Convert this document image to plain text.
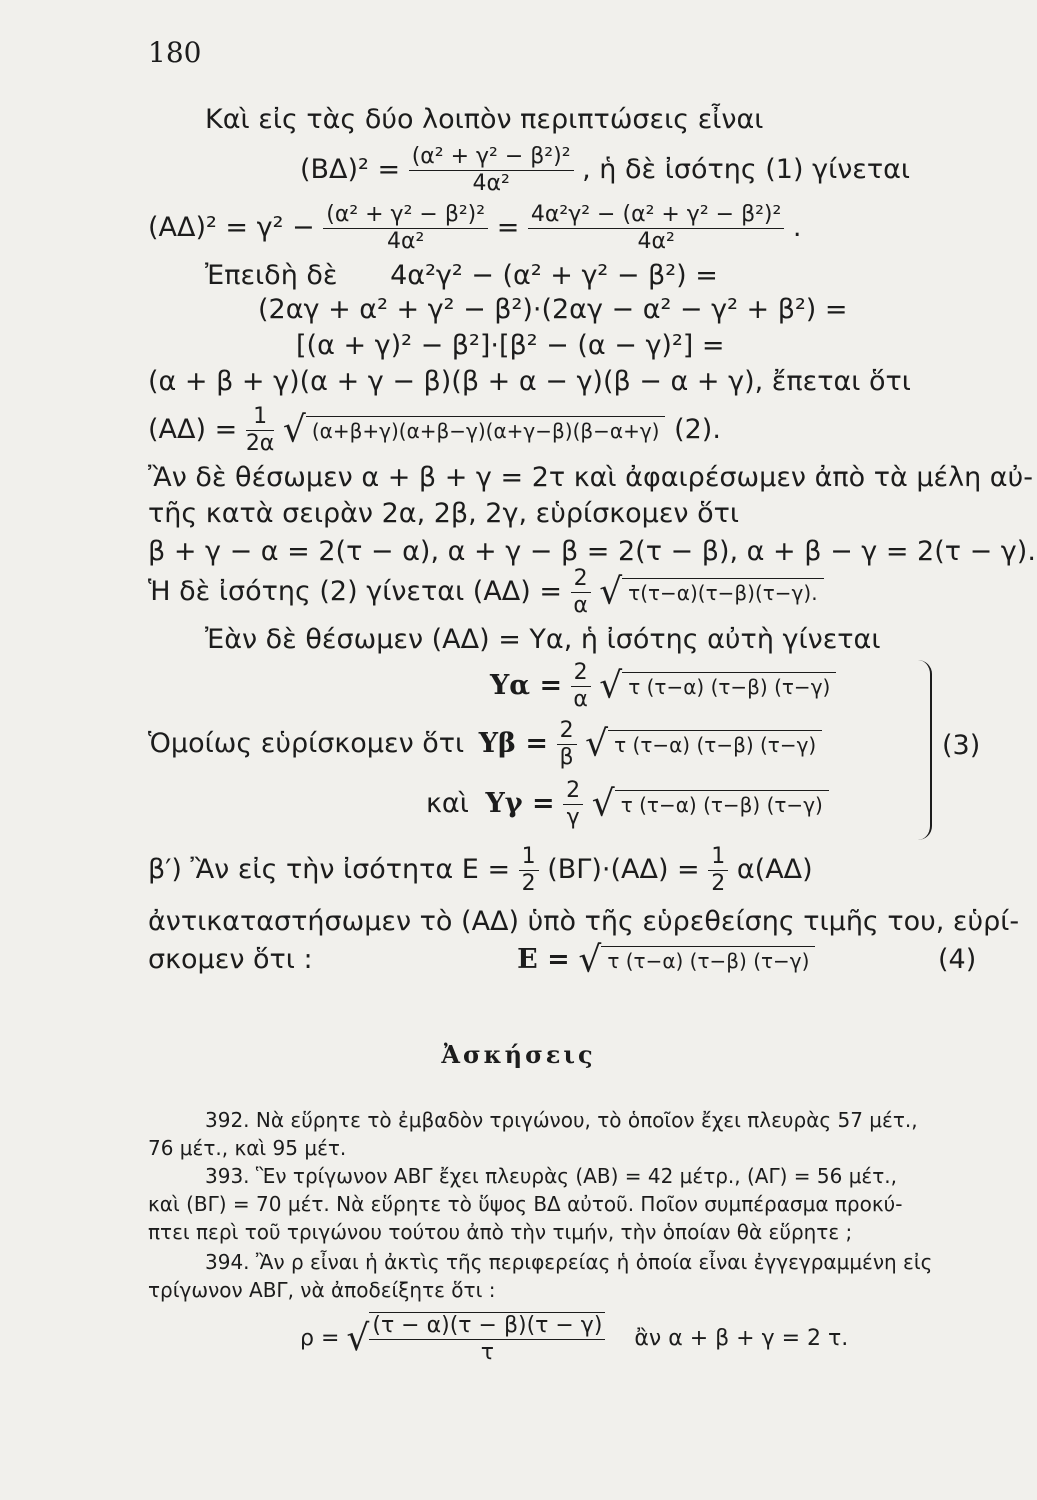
180
Καὶ εἰς τὰς δύο λοιπὸν περιπτώσεις εἶναι
$(B\Delta)^2 = \frac{\text{(α² + γ² − β²)²}}{\text{4α²}}$ , ἡ δὲ ἰσότης (1) γίνεται
$(A\Delta)^2 = \gamma^2 - \frac{\text{(α² + γ² − β²)²}}{\text{4α²}} = \frac{\text{4α²γ² − (α² + γ² − β²)²}}{\text{4α²}}$ .
Ἐπειδὴ δὲ 4α²γ² − (α² + γ² − β²) =
(2αγ + α² + γ² − β²)·(2αγ − α² − γ² + β²) =
[(α + γ)² − β²]·[β² − (α − γ)²] =
(α + β + γ)(α + γ − β)(β + α − γ)(β − α + γ), ἔπεται ὅτι
$(A\Delta) = \frac{1}{2\alpha}$ √ (α+β+γ)(α+β−γ)(α+γ−β)(β−α+γ) (2).
Ἂν δὲ θέσωμεν α + β + γ = 2τ καὶ ἀφαιρέσωμεν ἀπὸ τὰ μέλη αὐ-
τῆς κατὰ σειρὰν 2α, 2β, 2γ, εὑρίσκομεν ὅτι
β + γ − α = 2(τ − α), α + γ − β = 2(τ − β), α + β − γ = 2(τ − γ).
Ἡ δὲ ἰσότης (2) γίνεται $(A\Delta) = \frac{2}{\alpha}$ √ τ(τ−α)(τ−β)(τ−γ).
Ἐὰν δὲ θέσωμεν (ΑΔ) = Υα, ἡ ἰσότης αὐτὴ γίνεται
$\Upsilon\alpha = \frac{2}{\alpha}$ √ τ (τ−α) (τ−β) (τ−γ)
Ὁμοίως εὑρίσκομεν ὅτι $\Upsilon\beta = \frac{2}{\beta}$ √ τ (τ−α) (τ−β) (τ−γ)
καὶ $\Upsilon\gamma = \frac{2}{\gamma}$ √ τ (τ−α) (τ−β) (τ−γ)
(3)
β′) Ἂν εἰς τὴν ἰσότητα $E = \frac{1}{2} (B\Gamma)\cdot(A\Delta) = \frac{1}{2} \alpha(A\Delta)$
ἀντικαταστήσωμεν τὸ (ΑΔ) ὑπὸ τῆς εὑρεθείσης τιμῆς του, εὑρί-
σκομεν ὅτι :	Ε = √ τ (τ−α) (τ−β) (τ−γ)	(4)
Ἀσκήσεις
392. Νὰ εὕρητε τὸ ἐμβαδὸν τριγώνου, τὸ ὁποῖον ἔχει πλευρὰς 57 μέτ.,
76 μέτ., καὶ 95 μέτ.
393. Ἓν τρίγωνον ΑΒΓ ἔχει πλευρὰς (ΑΒ) = 42 μέτρ., (ΑΓ) = 56 μέτ.,
καὶ (ΒΓ) = 70 μέτ. Νὰ εὕρητε τὸ ὕψος ΒΔ αὐτοῦ. Ποῖον συμπέρασμα προκύ-
πτει περὶ τοῦ τριγώνου τούτου ἀπὸ τὴν τιμήν, τὴν ὁποίαν θὰ εὕρητε ;
394. Ἂν ρ εἶναι ἡ ἀκτὶς τῆς περιφερείας ἡ ὁποία εἶναι ἐγγεγραμμένη εἰς
τρίγωνον ΑΒΓ, νὰ ἀποδείξητε ὅτι :
ρ = √ $\frac{(\tau - \alpha)(\tau - \beta)(\tau - \gamma)}{\tau}$ ἂν α + β + γ = 2 τ.
